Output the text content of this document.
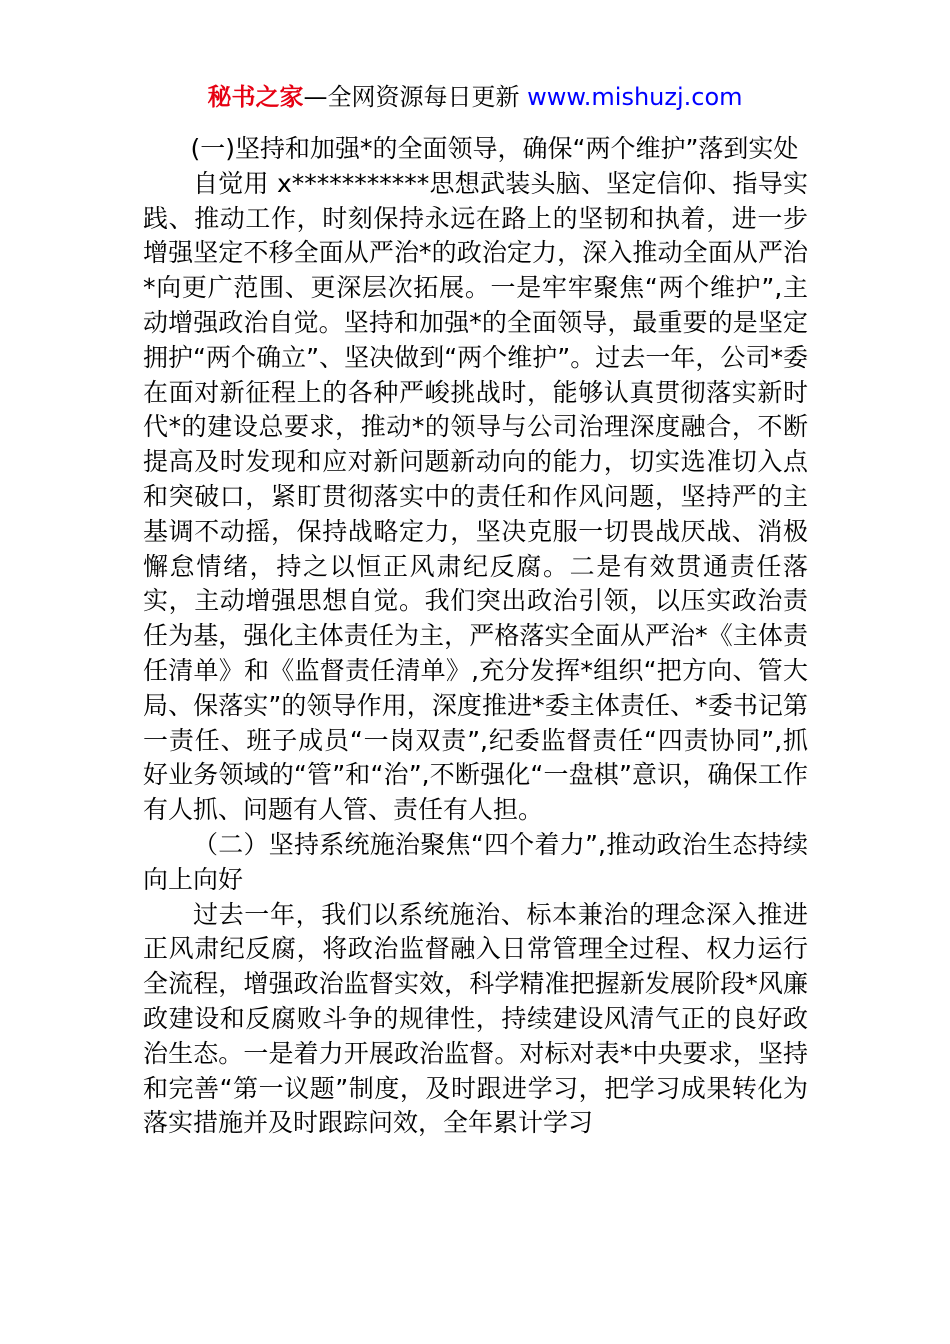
秘书之家—全网资源每日更新 www.mishuzj.com

(一)坚持和加强*的全面领导，确保“两个维护”落到实处

自觉用 x***********思想武装头脑、坚定信仰、指导实践、推动工作，时刻保持永远在路上的坚韧和执着，进一步增强坚定不移全面从严治*的政治定力，深入推动全面从严治*向更广范围、更深层次拓展。一是牢牢聚焦“两个维护”,主动增强政治自觉。坚持和加强*的全面领导，最重要的是坚定拥护“两个确立”、坚决做到“两个维护”。过去一年，公司*委在面对新征程上的各种严峻挑战时，能够认真贯彻落实新时代*的建设总要求，推动*的领导与公司治理深度融合，不断提高及时发现和应对新问题新动向的能力，切实选准切入点和突破口，紧盯贯彻落实中的责任和作风问题，坚持严的主基调不动摇，保持战略定力，坚决克服一切畏战厌战、消极懈怠情绪，持之以恒正风肃纪反腐。二是有效贯通责任落实，主动增强思想自觉。我们突出政治引领，以压实政治责任为基，强化主体责任为主，严格落实全面从严治*《主体责任清单》和《监督责任清单》,充分发挥*组织“把方向、管大局、保落实”的领导作用，深度推进*委主体责任、*委书记第一责任、班子成员“一岗双责”,纪委监督责任“四责协同”,抓好业务领域的“管”和“治”,不断强化“一盘棋”意识，确保工作有人抓、问题有人管、责任有人担。

（二）坚持系统施治聚焦“四个着力”,推动政治生态持续向上向好

过去一年，我们以系统施治、标本兼治的理念深入推进正风肃纪反腐，将政治监督融入日常管理全过程、权力运行全流程，增强政治监督实效，科学精准把握新发展阶段*风廉政建设和反腐败斗争的规律性，持续建设风清气正的良好政治生态。一是着力开展政治监督。对标对表*中央要求，坚持和完善“第一议题”制度，及时跟进学习，把学习成果转化为落实措施并及时跟踪问效，全年累计学习
